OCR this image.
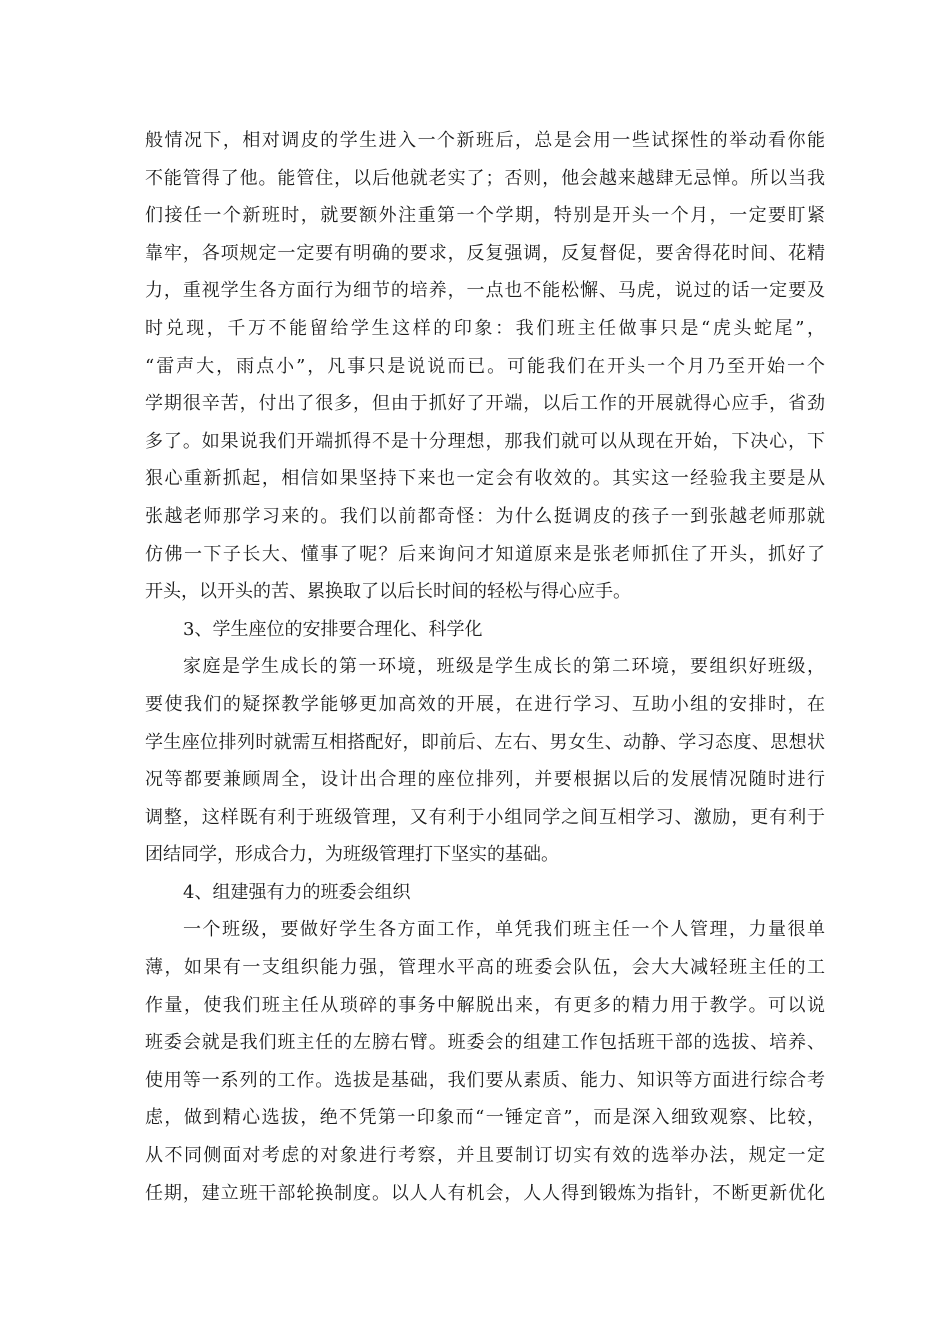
般情况下，相对调皮的学生进入一个新班后，总是会用一些试探性的举动看你能
不能管得了他。能管住，以后他就老实了；否则，他会越来越肆无忌惮。所以当我
们接任一个新班时，就要额外注重第一个学期，特别是开头一个月，一定要盯紧
靠牢，各项规定一定要有明确的要求，反复强调，反复督促，要舍得花时间、花精
力，重视学生各方面行为细节的培养，一点也不能松懈、马虎，说过的话一定要及
时兑现，千万不能留给学生这样的印象：我们班主任做事只是“虎头蛇尾”，
“雷声大，雨点小”，凡事只是说说而已。可能我们在开头一个月乃至开始一个
学期很辛苦，付出了很多，但由于抓好了开端，以后工作的开展就得心应手，省劲
多了。如果说我们开端抓得不是十分理想，那我们就可以从现在开始，下决心，下
狠心重新抓起，相信如果坚持下来也一定会有收效的。其实这一经验我主要是从
张越老师那学习来的。我们以前都奇怪：为什么挺调皮的孩子一到张越老师那就
仿佛一下子长大、懂事了呢？后来询问才知道原来是张老师抓住了开头，抓好了
开头，以开头的苦、累换取了以后长时间的轻松与得心应手。
3、学生座位的安排要合理化、科学化
家庭是学生成长的第一环境，班级是学生成长的第二环境，要组织好班级，
要使我们的疑探教学能够更加高效的开展，在进行学习、互助小组的安排时，在
学生座位排列时就需互相搭配好，即前后、左右、男女生、动静、学习态度、思想状
况等都要兼顾周全，设计出合理的座位排列，并要根据以后的发展情况随时进行
调整，这样既有利于班级管理，又有利于小组同学之间互相学习、激励，更有利于
团结同学，形成合力，为班级管理打下坚实的基础。
4、组建强有力的班委会组织
一个班级，要做好学生各方面工作，单凭我们班主任一个人管理，力量很单
薄，如果有一支组织能力强，管理水平高的班委会队伍，会大大减轻班主任的工
作量，使我们班主任从琐碎的事务中解脱出来，有更多的精力用于教学。可以说
班委会就是我们班主任的左膀右臂。班委会的组建工作包括班干部的选拔、培养、
使用等一系列的工作。选拔是基础，我们要从素质、能力、知识等方面进行综合考
虑，做到精心选拔，绝不凭第一印象而“一锤定音”，而是深入细致观察、比较，
从不同侧面对考虑的对象进行考察，并且要制订切实有效的选举办法，规定一定
任期，建立班干部轮换制度。以人人有机会，人人得到锻炼为指针，不断更新优化
